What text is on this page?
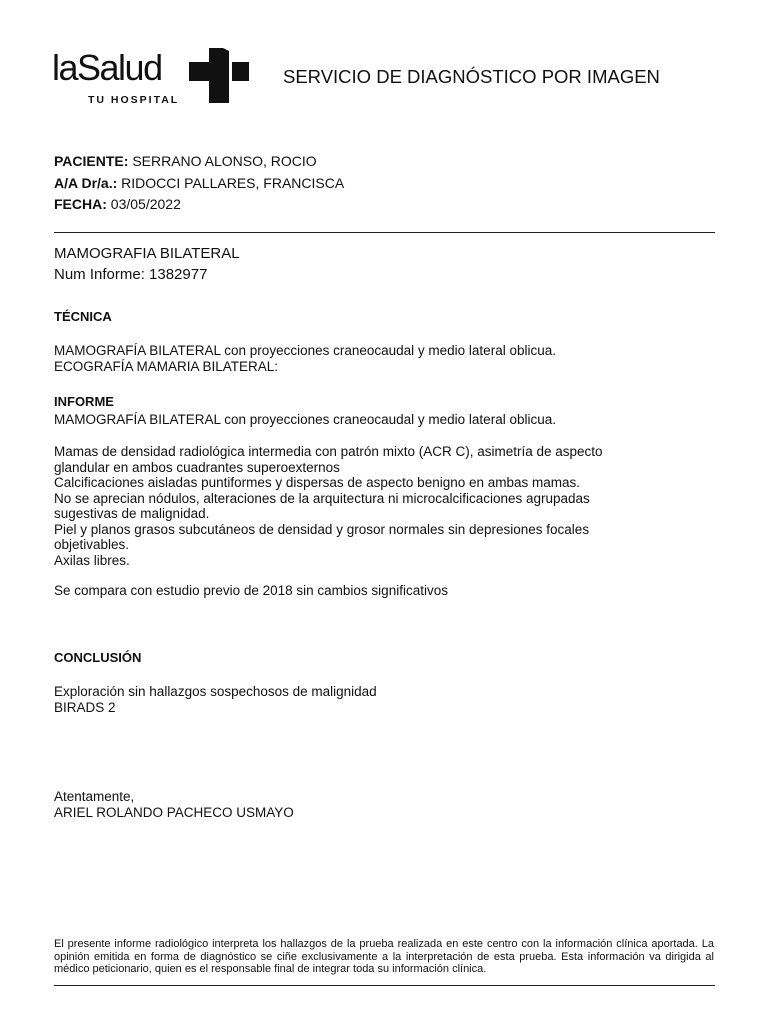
laSalud
TU HOSPITAL
SERVICIO DE DIAGNÓSTICO POR IMAGEN
PACIENTE: SERRANO ALONSO, ROCIO
A/A Dr/a.: RIDOCCI PALLARES, FRANCISCA
FECHA: 03/05/2022
MAMOGRAFIA BILATERAL
Num Informe: 1382977
TÉCNICA
MAMOGRAFÍA BILATERAL con proyecciones craneocaudal y medio lateral oblicua.
ECOGRAFÍA MAMARIA BILATERAL:
INFORME
MAMOGRAFÍA BILATERAL con proyecciones craneocaudal y medio lateral oblicua.
Mamas de densidad radiológica intermedia con patrón mixto (ACR C), asimetría de aspecto
glandular en ambos cuadrantes superoexternos
Calcificaciones aisladas puntiformes y dispersas de aspecto benigno en ambas mamas.
No se aprecian nódulos, alteraciones de la arquitectura ni microcalcificaciones agrupadas
sugestivas de malignidad.
Piel y planos grasos subcutáneos de densidad y grosor normales sin depresiones focales
objetivables.
Axilas libres.
Se compara con estudio previo de 2018 sin cambios significativos
CONCLUSIÓN
Exploración sin hallazgos sospechosos de malignidad
BIRADS 2
Atentamente,
ARIEL ROLANDO PACHECO USMAYO
El presente informe radiológico interpreta los hallazgos de la prueba realizada en este centro con la información clínica aportada. La opinión emitida en forma de diagnóstico se ciñe exclusivamente a la interpretación de esta prueba. Esta información va dirigida al médico peticionario, quien es el responsable final de integrar toda su información clínica.
